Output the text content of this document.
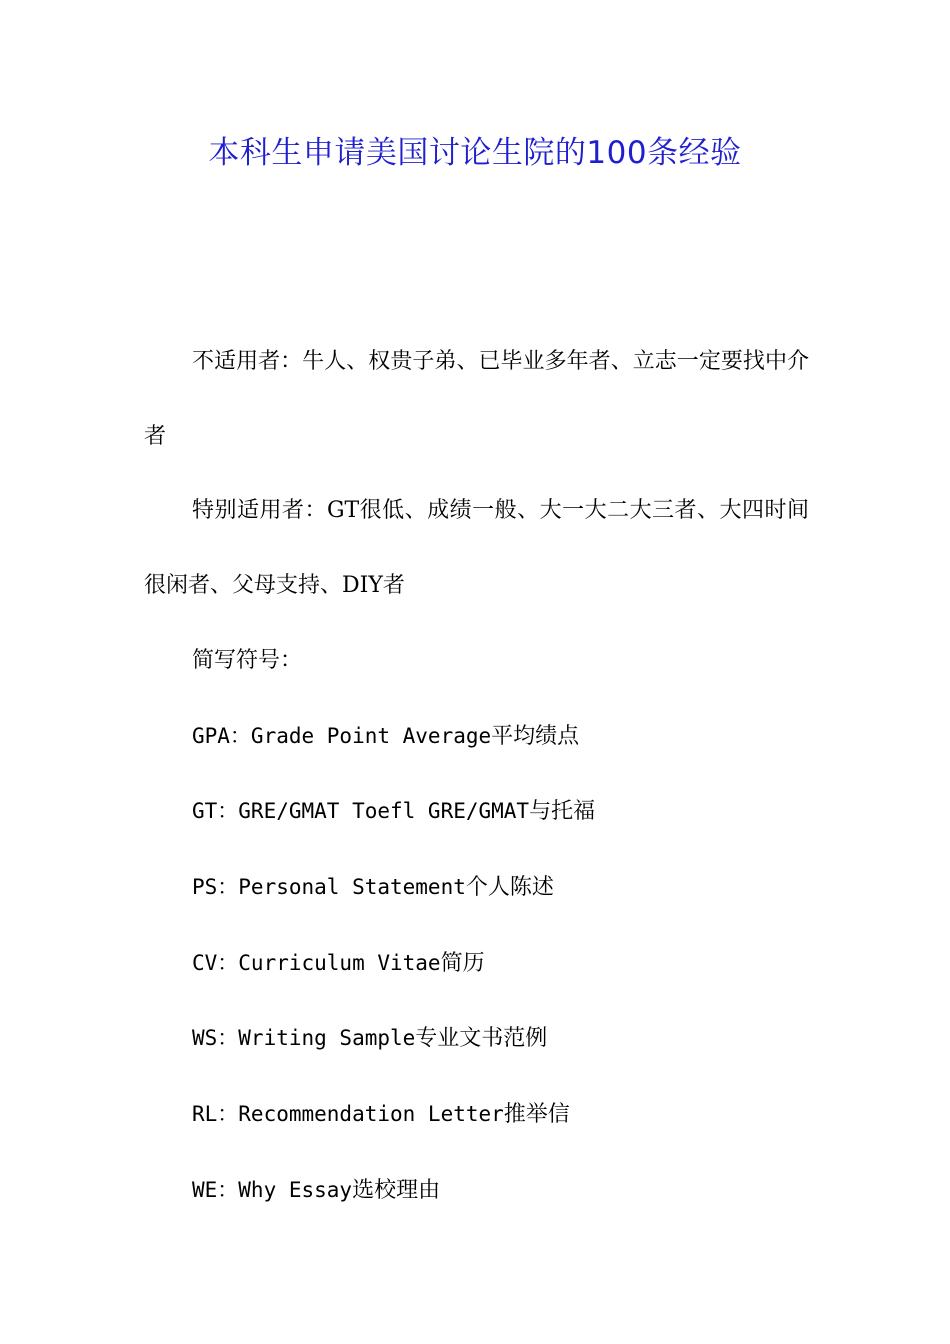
本科生申请美国讨论生院的100条经验

不适用者：牛人、权贵子弟、已毕业多年者、立志一定要找中介者

特别适用者：GT很低、成绩一般、大一大二大三者、大四时间很闲者、父母支持、DIY者

简写符号：

GPA：Grade Point Average平均绩点

GT：GRE/GMAT Toefl GRE/GMAT与托福

PS：Personal Statement个人陈述

CV：Curriculum Vitae简历

WS：Writing Sample专业文书范例

RL：Recommendation Letter推举信

WE：Why Essay选校理由
